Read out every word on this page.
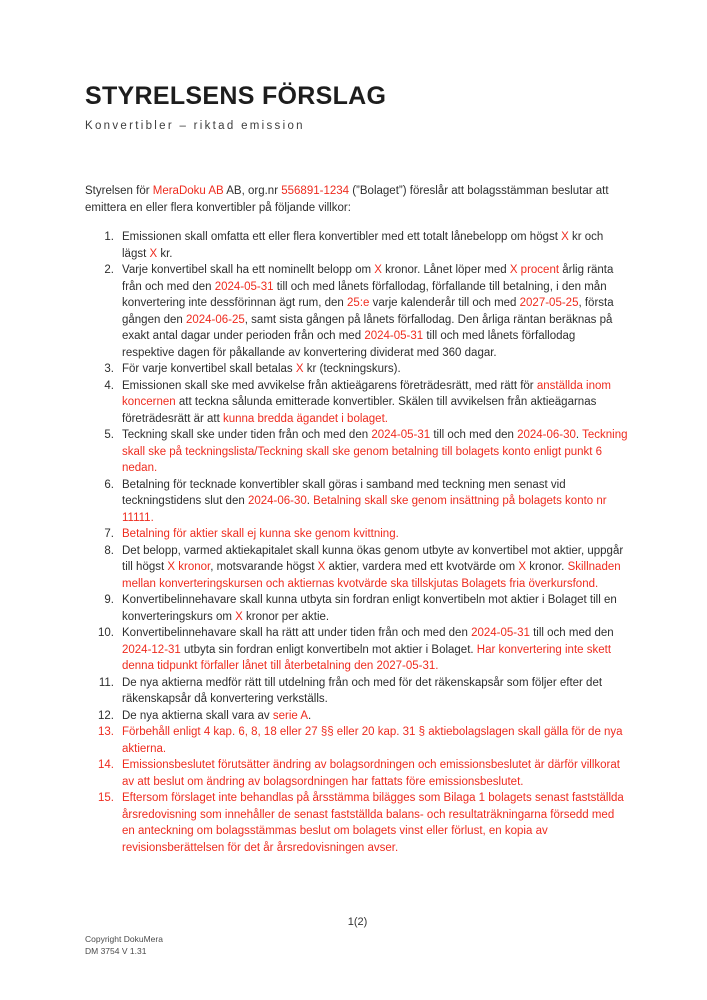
STYRELSENS FÖRSLAG
Konvertibler – riktad emission

Styrelsen för MeraDoku AB AB, org.nr 556891-1234 (”Bolaget”) föreslår att bolagsstämman beslutar att emittera en eller flera konvertibler på följande villkor:

1. Emissionen skall omfatta ett eller flera konvertibler med ett totalt lånebelopp om högst X kr och lägst X kr.
2. Varje konvertibel skall ha ett nominellt belopp om X kronor. Lånet löper med X procent årlig ränta från och med den 2024-05-31 till och med lånets förfallodag, förfallande till betalning, i den mån konvertering inte dessförinnan ägt rum, den 25:e varje kalenderår till och med 2027-05-25, första gången den 2024-06-25, samt sista gången på lånets förfallodag. Den årliga räntan beräknas på exakt antal dagar under perioden från och med 2024-05-31 till och med lånets förfallodag respektive dagen för påkallande av konvertering dividerat med 360 dagar.
3. För varje konvertibel skall betalas X kr (teckningskurs).
4. Emissionen skall ske med avvikelse från aktieägarens företrädesrätt, med rätt för anställda inom koncernen att teckna sålunda emitterade konvertibler. Skälen till avvikelsen från aktieägarnas företrädesrätt är att kunna bredda ägandet i bolaget.
5. Teckning skall ske under tiden från och med den 2024-05-31 till och med den 2024-06-30. Teckning skall ske på teckningslista/Teckning skall ske genom betalning till bolagets konto enligt punkt 6 nedan.
6. Betalning för tecknade konvertibler skall göras i samband med teckning men senast vid teckningstidens slut den 2024-06-30. Betalning skall ske genom insättning på bolagets konto nr 11111.
7. Betalning för aktier skall ej kunna ske genom kvittning.
8. Det belopp, varmed aktiekapitalet skall kunna ökas genom utbyte av konvertibel mot aktier, uppgår till högst X kronor, motsvarande högst X aktier, vardera med ett kvotvärde om X kronor. Skillnaden mellan konverteringskursen och aktiernas kvotvärde ska tillskjutas Bolagets fria överkursfond.
9. Konvertibelinnehavare skall kunna utbyta sin fordran enligt konvertibeln mot aktier i Bolaget till en konverteringskurs om X kronor per aktie.
10. Konvertibelinnehavare skall ha rätt att under tiden från och med den 2024-05-31 till och med den 2024-12-31 utbyta sin fordran enligt konvertibeln mot aktier i Bolaget. Har konvertering inte skett denna tidpunkt förfaller lånet till återbetalning den 2027-05-31.
11. De nya aktierna medför rätt till utdelning från och med för det räkenskapsår som följer efter det räkenskapsår då konvertering verkställs.
12. De nya aktierna skall vara av serie A.
13. Förbehåll enligt 4 kap. 6, 8, 18 eller 27 §§ eller 20 kap. 31 § aktiebolagslagen skall gälla för de nya aktierna.
14. Emissionsbeslutet förutsätter ändring av bolagsordningen och emissionsbeslutet är därför villkorat av att beslut om ändring av bolagsordningen har fattats före emissionsbeslutet.
15. Eftersom förslaget inte behandlas på årsstämma bilägges som Bilaga 1 bolagets senast fastställda årsredovisning som innehåller de senast fastställda balans- och resultaträkningarna försedd med en anteckning om bolagsstämmas beslut om bolagets vinst eller förlust, en kopia av revisionsberättelsen för det år årsredovisningen avser.
1(2)
Copyright DokuMera
DM 3754 V 1.31
